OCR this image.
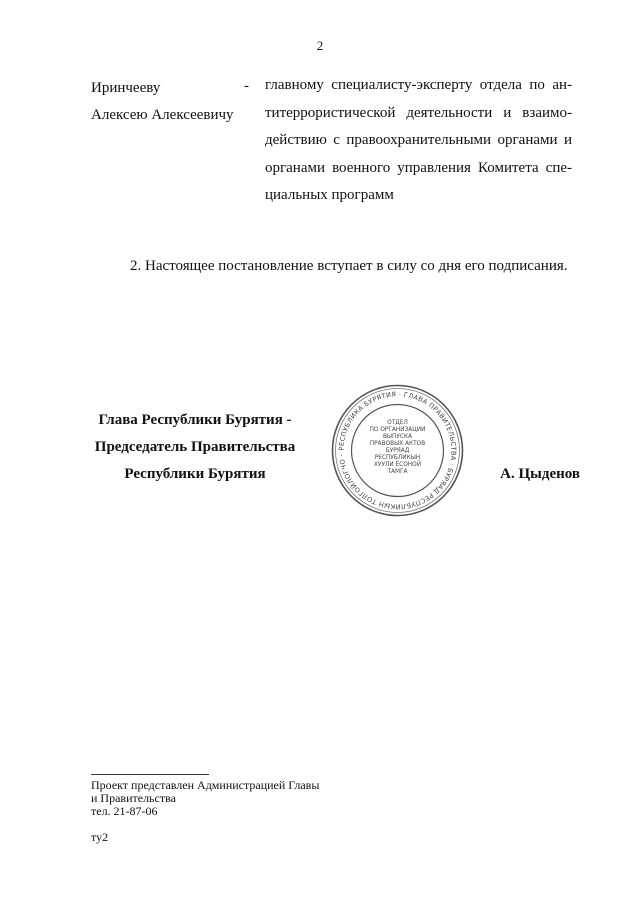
2
Иринчееву
Алексею Алексеевичу
- главному специалисту-эксперту отдела по ан-
титеррористической деятельности и взаимо-
действию с правоохранительными органами и
органами военного управления Комитета спе-
циальных программ
2. Настоящее постановление вступает в силу со дня его подписания.
Глава Республики Бурятия -
Председатель Правительства
Республики Бурятия	А. Цыденов
РЕСПУБЛИКА БУРЯТИЯ · ГЛАВА ПРАВИТЕЛЬСТВА · БУРЯАД РЕСПУБЛИКЫН ТОЛГОЙЛОГЧО ·
ОТДЕЛ
ПО ОРГАНИЗАЦИИ
ВЫПУСКА
ПРАВОВЫХ АКТОВ
БУРЯАД
РЕСПУБЛИКЫН
ХУУЛИ ЁСОНОЙ
ТАМГА
Проект представлен Администрацией Главы
и Правительства
тел. 21-87-06
ту2
